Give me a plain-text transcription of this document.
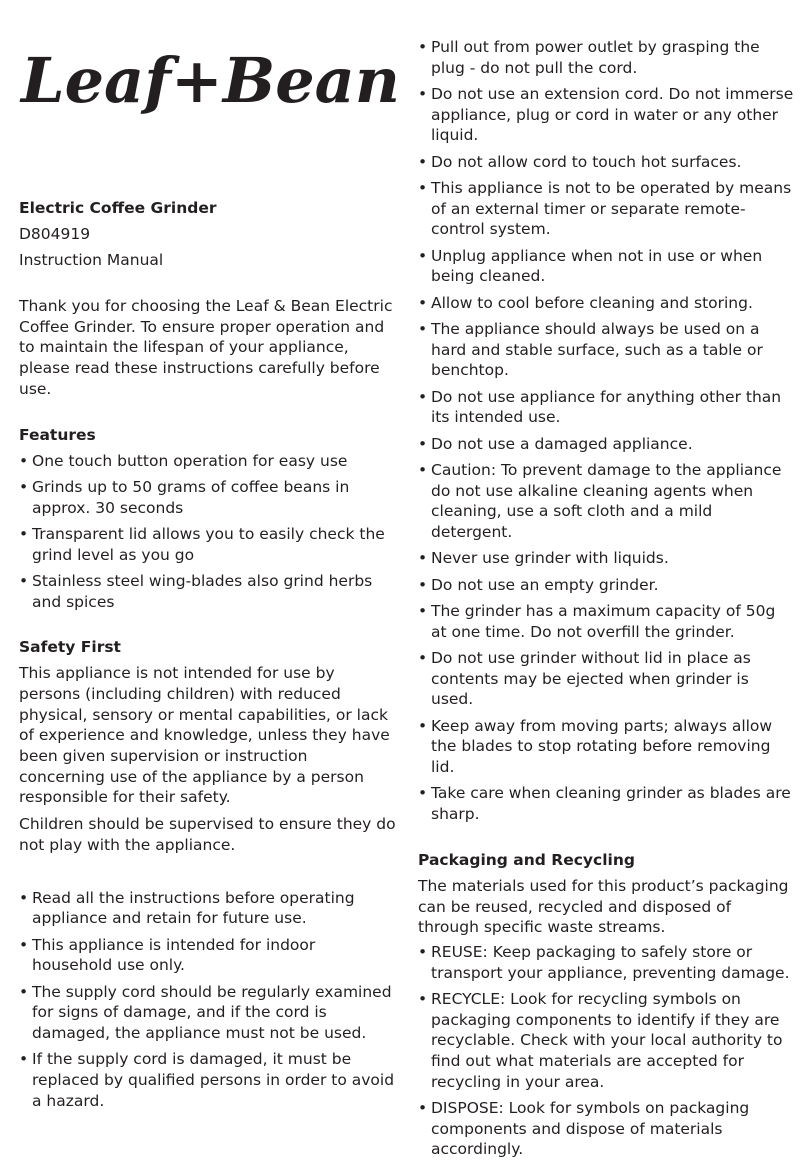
Leaf+Bean
Electric Coffee Grinder
D804919
Instruction Manual

Thank you for choosing the Leaf & Bean Electric Coffee Grinder. To ensure proper operation and to maintain the lifespan of your appliance, please read these instructions carefully before use.

Features
• One touch button operation for easy use
• Grinds up to 50 grams of coffee beans in approx. 30 seconds
• Transparent lid allows you to easily check the grind level as you go
• Stainless steel wing-blades also grind herbs and spices
Safety First

This appliance is not intended for use by persons (including children) with reduced physical, sensory or mental capabilities, or lack of experience and knowledge, unless they have been given supervision or instruction concerning use of the appliance by a person responsible for their safety.

Children should be supervised to ensure they do not play with the appliance.

• Read all the instructions before operating appliance and retain for future use.
• This appliance is intended for indoor household use only.
• The supply cord should be regularly examined for signs of damage, and if the cord is damaged, the appliance must not be used.
• If the supply cord is damaged, it must be replaced by qualified persons in order to avoid a hazard.
• Pull out from power outlet by grasping the plug - do not pull the cord.
• Do not use an extension cord. Do not immerse appliance, plug or cord in water or any other liquid.
• Do not allow cord to touch hot surfaces.
• This appliance is not to be operated by means of an external timer or separate remote-control system.
• Unplug appliance when not in use or when being cleaned.
• Allow to cool before cleaning and storing.
• The appliance should always be used on a hard and stable surface, such as a table or benchtop.
• Do not use appliance for anything other than its intended use.
• Do not use a damaged appliance.
• Caution: To prevent damage to the appliance do not use alkaline cleaning agents when cleaning, use a soft cloth and a mild detergent.
• Never use grinder with liquids.
• Do not use an empty grinder.
• The grinder has a maximum capacity of 50g at one time. Do not overfill the grinder.
• Do not use grinder without lid in place as contents may be ejected when grinder is used.
• Keep away from moving parts; always allow the blades to stop rotating before removing lid.
• Take care when cleaning grinder as blades are sharp.
Packaging and Recycling

The materials used for this product’s packaging can be reused, recycled and disposed of through specific waste streams.

• REUSE: Keep packaging to safely store or transport your appliance, preventing damage.
• RECYCLE: Look for recycling symbols on packaging components to identify if they are recyclable. Check with your local authority to find out what materials are accepted for recycling in your area.
• DISPOSE: Look for symbols on packaging components and dispose of materials accordingly.
